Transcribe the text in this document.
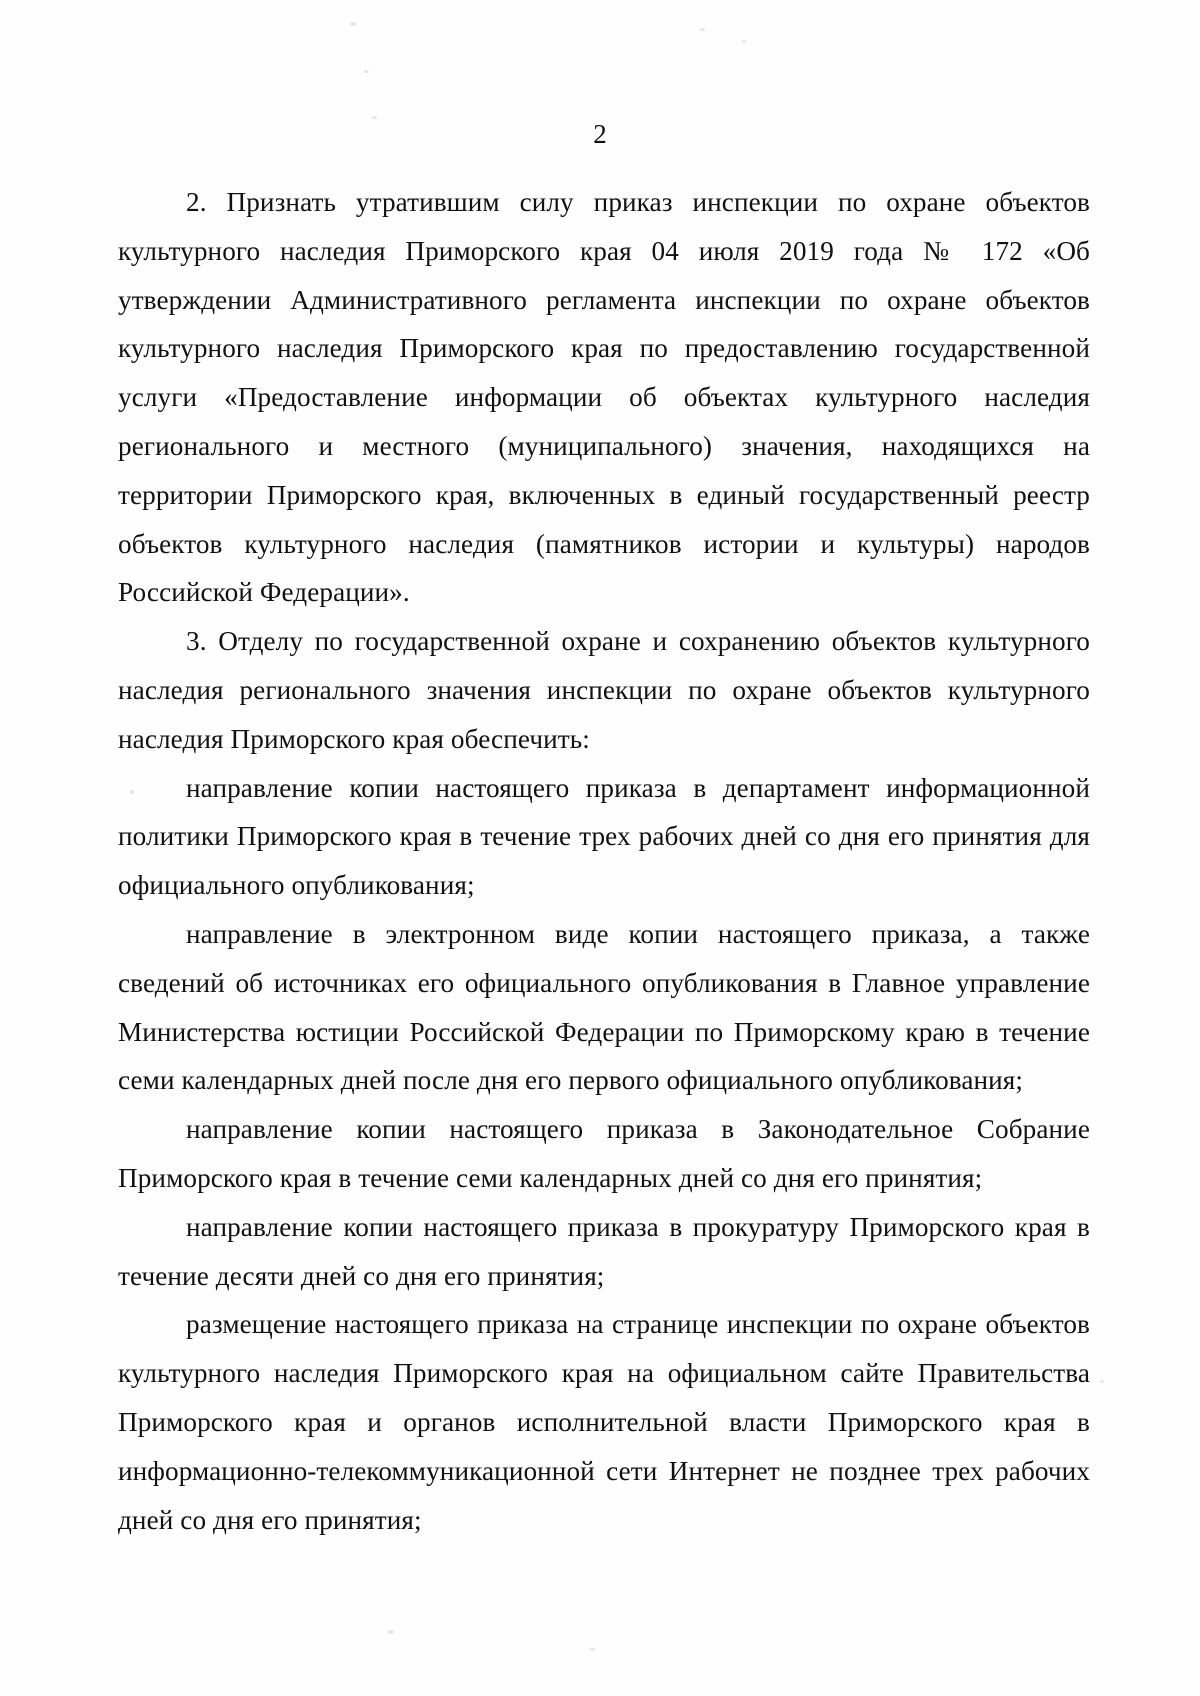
2

2. Признать утратившим силу приказ инспекции по охране объектов культурного наследия Приморского края 04 июля 2019 года № 172 «Об утверждении Административного регламента инспекции по охране объектов культурного наследия Приморского края по предоставлению государственной услуги «Предоставление информации об объектах культурного наследия регионального и местного (муниципального) значения, находящихся на территории Приморского края, включенных в единый государственный реестр объектов культурного наследия (памятников истории и культуры) народов Российской Федерации».

3. Отделу по государственной охране и сохранению объектов культурного наследия регионального значения инспекции по охране объектов культурного наследия Приморского края обеспечить:

направление копии настоящего приказа в департамент информационной политики Приморского края в течение трех рабочих дней со дня его принятия для официального опубликования;

направление в электронном виде копии настоящего приказа, а также сведений об источниках его официального опубликования в Главное управление Министерства юстиции Российской Федерации по Приморскому краю в течение семи календарных дней после дня его первого официального опубликования;

направление копии настоящего приказа в Законодательное Собрание Приморского края в течение семи календарных дней со дня его принятия;

направление копии настоящего приказа в прокуратуру Приморского края в течение десяти дней со дня его принятия;

размещение настоящего приказа на странице инспекции по охране объектов культурного наследия Приморского края на официальном сайте Правительства Приморского края и органов исполнительной власти Приморского края в информационно-телекоммуникационной сети Интернет не позднее трех рабочих дней со дня его принятия;
